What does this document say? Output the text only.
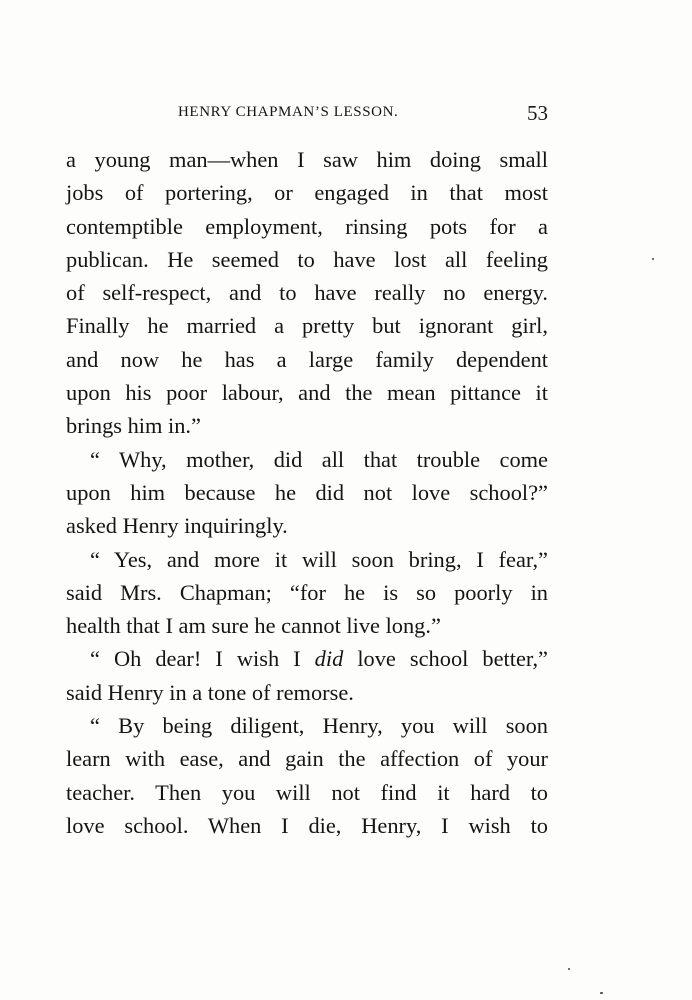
HENRY CHAPMAN’S LESSON.	53
a young man—when I saw him doing small
jobs of portering, or engaged in that most
contemptible employment, rinsing pots for a
publican. He seemed to have lost all feeling
of self-respect, and to have really no energy.
Finally he married a pretty but ignorant girl,
and now he has a large family dependent
upon his poor labour, and the mean pittance it
brings him in.”
“ Why, mother, did all that trouble come
upon him because he did not love school?”
asked Henry inquiringly.
“ Yes, and more it will soon bring, I fear,”
said Mrs. Chapman; “for he is so poorly in
health that I am sure he cannot live long.”
“ Oh dear! I wish I did love school better,”
said Henry in a tone of remorse.
“ By being diligent, Henry, you will soon
learn with ease, and gain the affection of your
teacher. Then you will not find it hard to
love school. When I die, Henry, I wish to
